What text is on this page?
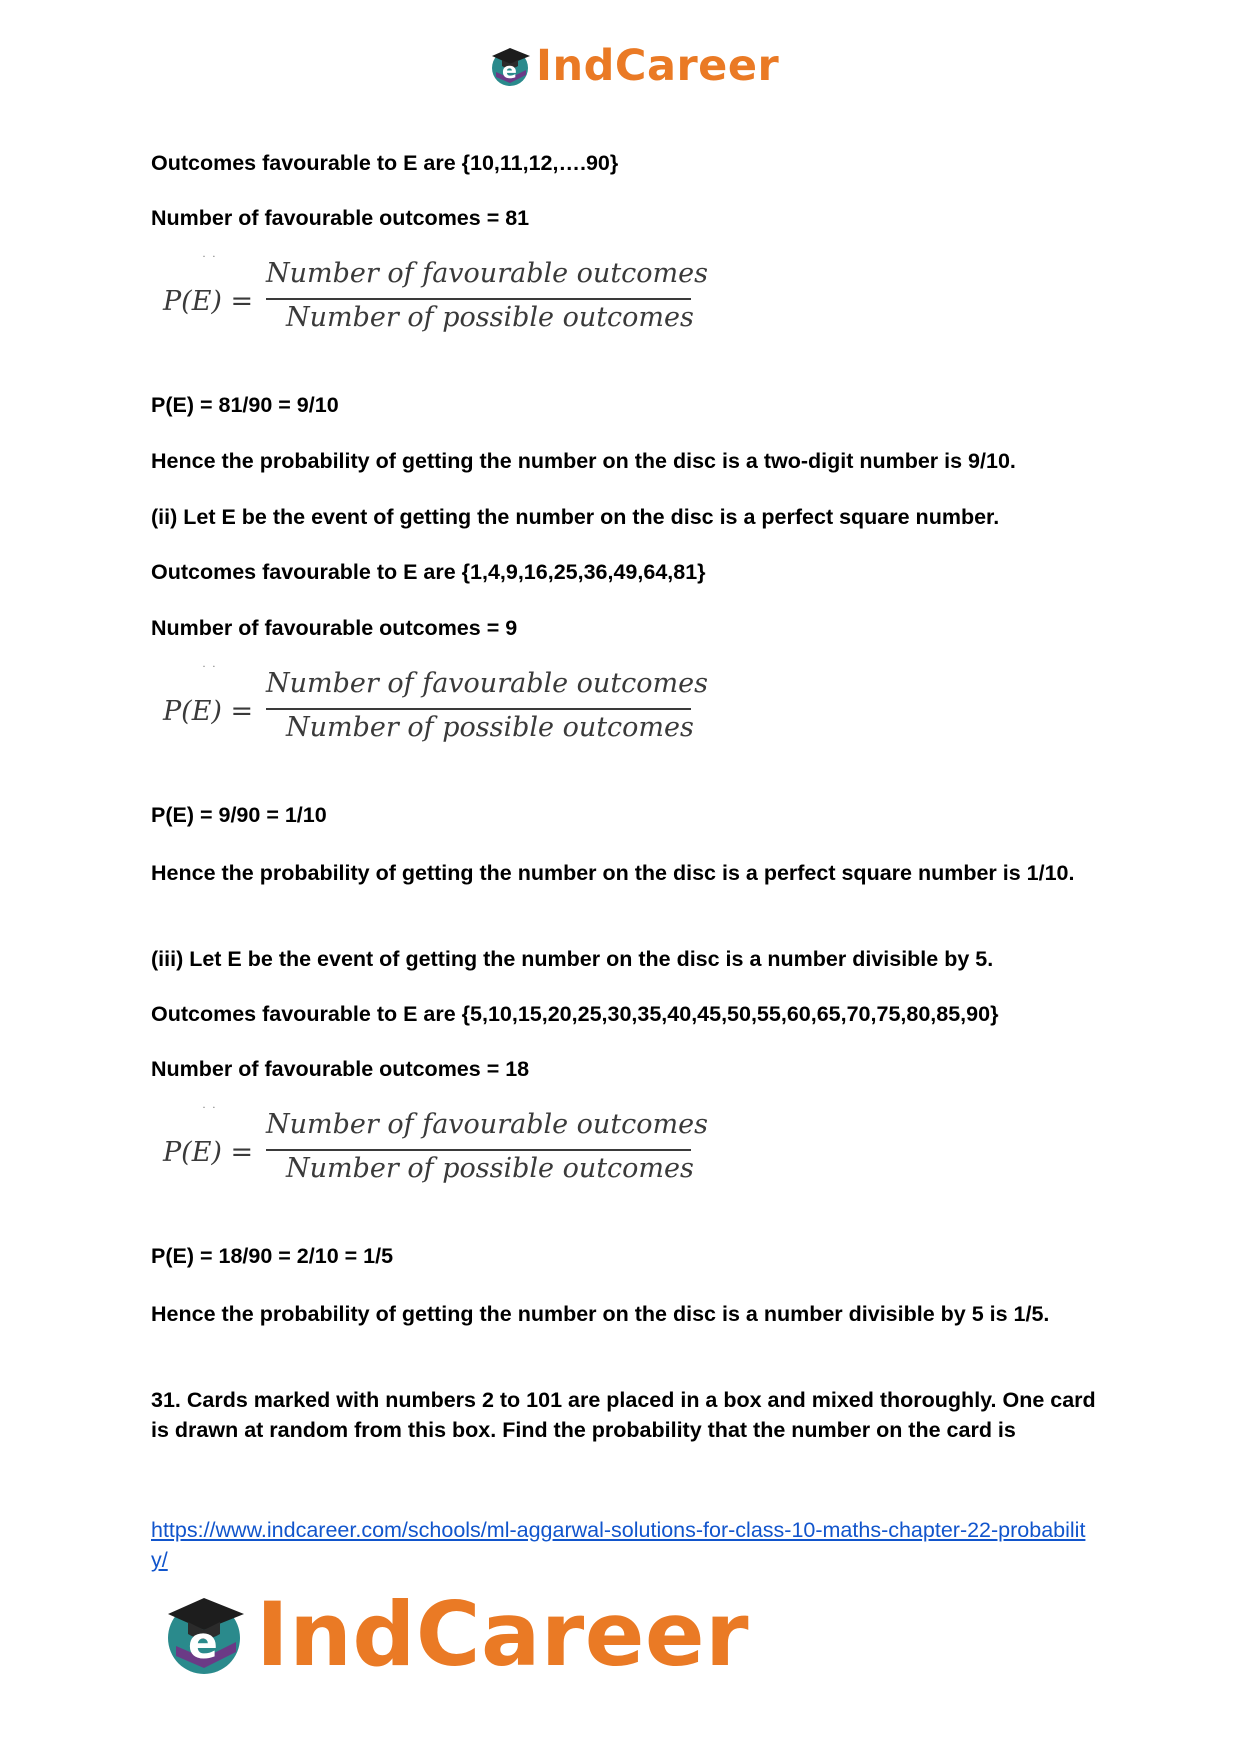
e IndCareer
Outcomes favourable to E are {10,11,12,….90}
Number of favourable outcomes = 81
˙ ˙
P(E) =
Number of favourable outcomes
Number of possible outcomes
P(E) = 81/90 = 9/10
Hence the probability of getting the number on the disc is a two-digit number is 9/10.
(ii) Let E be the event of getting the number on the disc is a perfect square number.
Outcomes favourable to E are {1,4,9,16,25,36,49,64,81}
Number of favourable outcomes = 9
˙ ˙
P(E) =
Number of favourable outcomes
Number of possible outcomes
P(E) = 9/90 = 1/10
Hence the probability of getting the number on the disc is a perfect square number is 1/10.
(iii) Let E be the event of getting the number on the disc is a number divisible by 5.
Outcomes favourable to E are {5,10,15,20,25,30,35,40,45,50,55,60,65,70,75,80,85,90}
Number of favourable outcomes = 18
˙ ˙
P(E) =
Number of favourable outcomes
Number of possible outcomes
P(E) = 18/90 = 2/10 = 1/5
Hence the probability of getting the number on the disc is a number divisible by 5 is 1/5.
31. Cards marked with numbers 2 to 101 are placed in a box and mixed thoroughly. One card is drawn at random from this box. Find the probability that the number on the card is
https://www.indcareer.com/schools/ml-aggarwal-solutions-for-class-10-maths-chapter-22-probability/
e IndCareer
